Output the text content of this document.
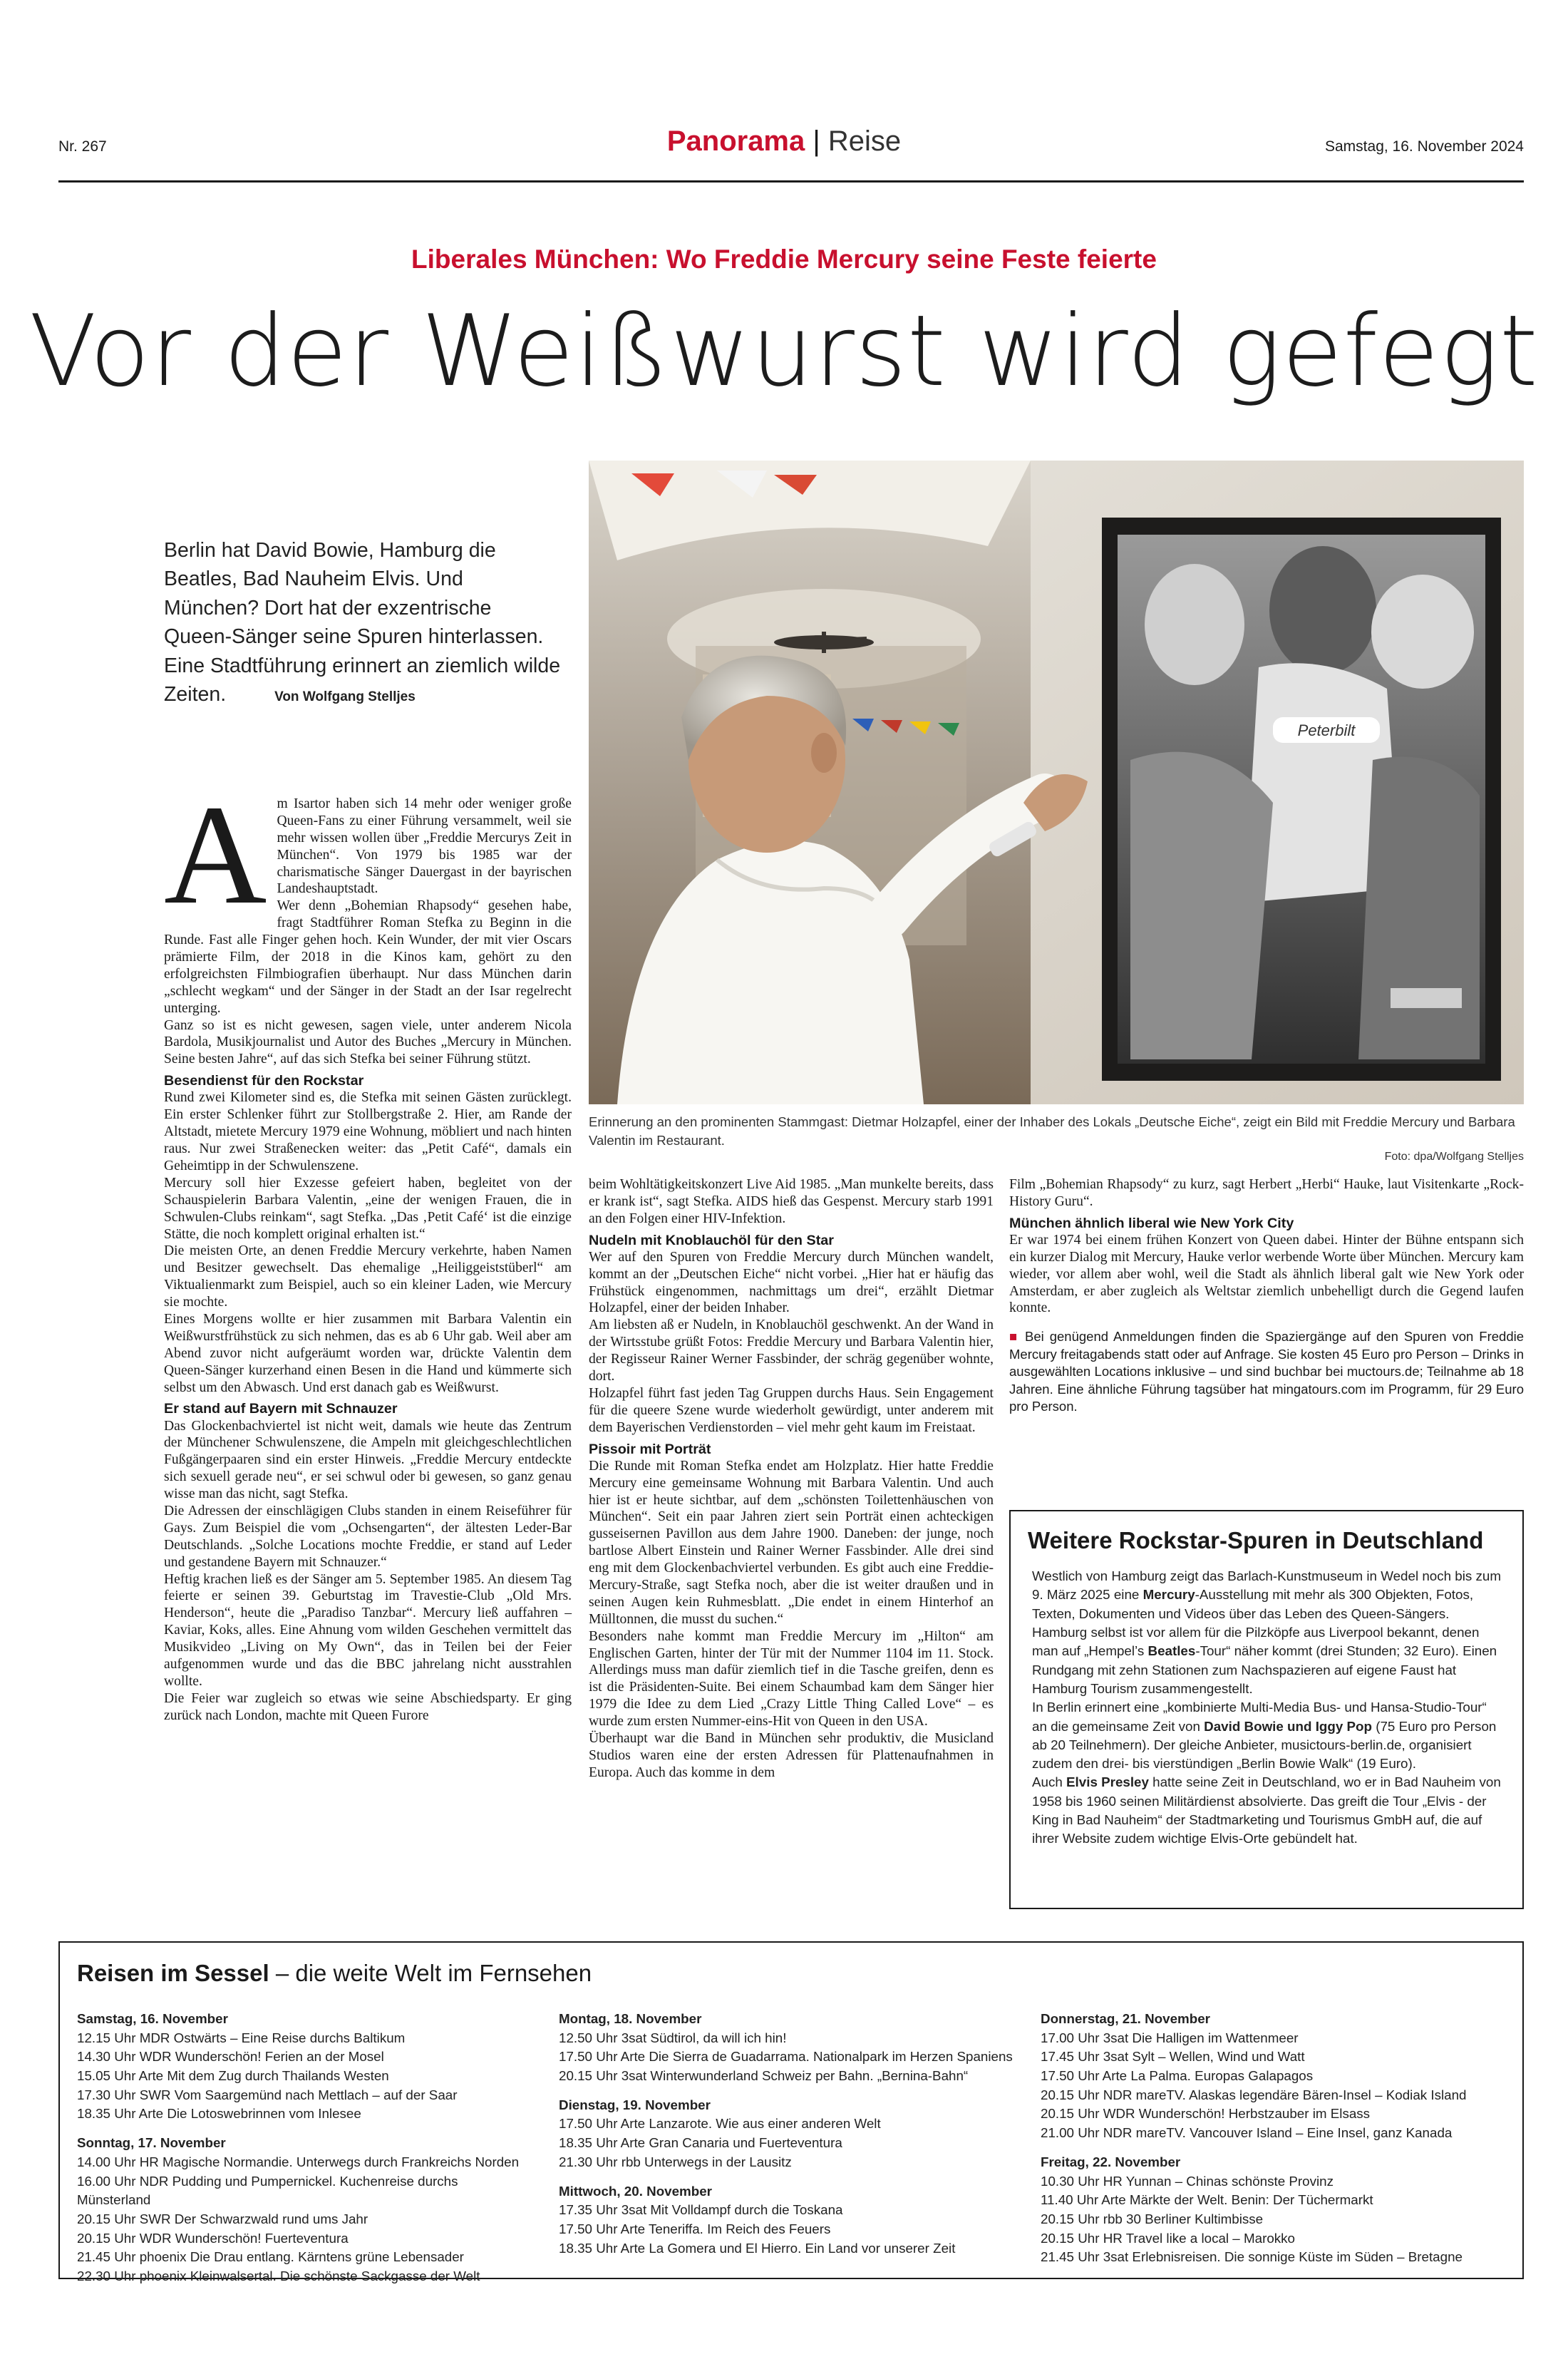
Nr. 267	Panorama | Reise	Samstag, 16. November 2024
Liberales München: Wo Freddie Mercury seine Feste feierte
Vor der Weißwurst wird gefegt
Berlin hat David Bowie, Hamburg die Beatles, Bad Nauheim Elvis. Und München? Dort hat der exzentrische Queen-Sänger seine Spuren hinterlassen. Eine Stadtführung erinnert an ziemlich wilde Zeiten.	Von Wolfgang Stelljes
Peterbilt
Erinnerung an den prominenten Stammgast: Dietmar Holzapfel, einer der Inhaber des Lokals „Deutsche Eiche“, zeigt ein Bild mit Freddie Mercury und Barbara Valentin im Restaurant.
Foto: dpa/Wolfgang Stelljes

Am Isartor haben sich 14 mehr oder weniger große Queen-Fans zu einer Führung versammelt, weil sie mehr wissen wollen über „Freddie Mercurys Zeit in München“. Von 1979 bis 1985 war der charismatische Sänger Dauergast in der bayrischen Landeshauptstadt.

Wer denn „Bohemian Rhapsody“ gesehen habe, fragt Stadtführer Roman Stefka zu Beginn in die Runde. Fast alle Finger gehen hoch. Kein Wunder, der mit vier Oscars prämierte Film, der 2018 in die Kinos kam, gehört zu den erfolgreichsten Filmbiografien überhaupt. Nur dass München darin „schlecht wegkam“ und der Sänger in der Stadt an der Isar regelrecht unterging.

Ganz so ist es nicht gewesen, sagen viele, unter anderem Nicola Bardola, Musikjournalist und Autor des Buches „Mercury in München. Seine besten Jahre“, auf das sich Stefka bei seiner Führung stützt.

Besendienst für den Rockstar

Rund zwei Kilometer sind es, die Stefka mit seinen Gästen zurücklegt. Ein erster Schlenker führt zur Stollbergstraße 2. Hier, am Rande der Altstadt, mietete Mercury 1979 eine Wohnung, möbliert und nach hinten raus. Nur zwei Straßenecken weiter: das „Petit Café“, damals ein Geheimtipp in der Schwulenszene.

Mercury soll hier Exzesse gefeiert haben, begleitet von der Schauspielerin Barbara Valentin, „eine der wenigen Frauen, die in Schwulen-Clubs reinkam“, sagt Stefka. „Das ‚Petit Café‘ ist die einzige Stätte, die noch komplett original erhalten ist.“

Die meisten Orte, an denen Freddie Mercury verkehrte, haben Namen und Besitzer gewechselt. Das ehemalige „Heiliggeiststüberl“ am Viktualienmarkt zum Beispiel, auch so ein kleiner Laden, wie Mercury sie mochte.

Eines Morgens wollte er hier zusammen mit Barbara Valentin ein Weißwurstfrühstück zu sich nehmen, das es ab 6 Uhr gab. Weil aber am Abend zuvor nicht aufgeräumt worden war, drückte Valentin dem Queen-Sänger kurzerhand einen Besen in die Hand und kümmerte sich selbst um den Abwasch. Und erst danach gab es Weißwurst.

Er stand auf Bayern mit Schnauzer

Das Glockenbachviertel ist nicht weit, damals wie heute das Zentrum der Münchener Schwulenszene, die Ampeln mit gleichgeschlechtlichen Fußgängerpaaren sind ein erster Hinweis. „Freddie Mercury entdeckte sich sexuell gerade neu“, er sei schwul oder bi gewesen, so ganz genau wisse man das nicht, sagt Stefka.

Die Adressen der einschlägigen Clubs standen in einem Reiseführer für Gays. Zum Beispiel die vom „Ochsengarten“, der ältesten Leder-Bar Deutschlands. „Solche Locations mochte Freddie, er stand auf Leder und gestandene Bayern mit Schnauzer.“

Heftig krachen ließ es der Sänger am 5. September 1985. An diesem Tag feierte er seinen 39. Geburtstag im Travestie-Club „Old Mrs. Henderson“, heute die „Paradiso Tanzbar“. Mercury ließ auffahren – Kaviar, Koks, alles. Eine Ahnung vom wilden Geschehen vermittelt das Musikvideo „Living on My Own“, das in Teilen bei der Feier aufgenommen wurde und das die BBC jahrelang nicht ausstrahlen wollte.

Die Feier war zugleich so etwas wie seine Abschiedsparty. Er ging zurück nach London, machte mit Queen Furore

beim Wohltätigkeitskonzert Live Aid 1985. „Man munkelte bereits, dass er krank ist“, sagt Stefka. AIDS hieß das Gespenst. Mercury starb 1991 an den Folgen einer HIV-Infektion.

Nudeln mit Knoblauchöl für den Star

Wer auf den Spuren von Freddie Mercury durch München wandelt, kommt an der „Deutschen Eiche“ nicht vorbei. „Hier hat er häufig das Frühstück eingenommen, nachmittags um drei“, erzählt Dietmar Holzapfel, einer der beiden Inhaber.

Am liebsten aß er Nudeln, in Knoblauchöl geschwenkt. An der Wand in der Wirtsstube grüßt Fotos: Freddie Mercury und Barbara Valentin hier, der Regisseur Rainer Werner Fassbinder, der schräg gegenüber wohnte, dort.

Holzapfel führt fast jeden Tag Gruppen durchs Haus. Sein Engagement für die queere Szene wurde wiederholt gewürdigt, unter anderem mit dem Bayerischen Verdienstorden – viel mehr geht kaum im Freistaat.

Pissoir mit Porträt

Die Runde mit Roman Stefka endet am Holzplatz. Hier hatte Freddie Mercury eine gemeinsame Wohnung mit Barbara Valentin. Und auch hier ist er heute sichtbar, auf dem „schönsten Toilettenhäuschen von München“. Seit ein paar Jahren ziert sein Porträt einen achteckigen gusseisernen Pavillon aus dem Jahre 1900. Daneben: der junge, noch bartlose Albert Einstein und Rainer Werner Fassbinder. Alle drei sind eng mit dem Glockenbachviertel verbunden. Es gibt auch eine Freddie-Mercury-Straße, sagt Stefka noch, aber die ist weiter draußen und in seinen Augen kein Ruhmesblatt. „Die endet in einem Hinterhof an Mülltonnen, die musst du suchen.“

Besonders nahe kommt man Freddie Mercury im „Hilton“ am Englischen Garten, hinter der Tür mit der Nummer 1104 im 11. Stock. Allerdings muss man dafür ziemlich tief in die Tasche greifen, denn es ist die Präsidenten-Suite. Bei einem Schaumbad kam dem Sänger hier 1979 die Idee zu dem Lied „Crazy Little Thing Called Love“ – es wurde zum ersten Nummer-eins-Hit von Queen in den USA.

Überhaupt war die Band in München sehr produktiv, die Musicland Studios waren eine der ersten Adressen für Plattenaufnahmen in Europa. Auch das komme in dem

Film „Bohemian Rhapsody“ zu kurz, sagt Herbert „Herbi“ Hauke, laut Visitenkarte „Rock-History Guru“.

München ähnlich liberal wie New York City

Er war 1974 bei einem frühen Konzert von Queen dabei. Hinter der Bühne entspann sich ein kurzer Dialog mit Mercury, Hauke verlor werbende Worte über München. Mercury kam wieder, vor allem aber wohl, weil die Stadt als ähnlich liberal galt wie New York oder Amsterdam, er aber zugleich als Weltstar ziemlich unbehelligt durch die Gegend laufen konnte.

■ Bei genügend Anmeldungen finden die Spaziergänge auf den Spuren von Freddie Mercury freitagabends statt oder auf Anfrage. Sie kosten 45 Euro pro Person – Drinks in ausgewählten Locations inklusive – und sind buchbar bei muctours.de; Teilnahme ab 18 Jahren. Eine ähnliche Führung tagsüber hat mingatours.com im Programm, für 29 Euro pro Person.

Weitere Rockstar-Spuren in Deutschland
Westlich von Hamburg zeigt das Barlach-Kunstmuseum in Wedel noch bis zum 9. März 2025 eine Mercury-Ausstellung mit mehr als 300 Objekten, Fotos, Texten, Dokumenten und Videos über das Leben des Queen-Sängers.
Hamburg selbst ist vor allem für die Pilzköpfe aus Liverpool bekannt, denen man auf „Hempel’s Beatles-Tour“ näher kommt (drei Stunden; 32 Euro). Einen Rundgang mit zehn Stationen zum Nachspazieren auf eigene Faust hat Hamburg Tourism zusammengestellt.
In Berlin erinnert eine „kombinierte Multi-Media Bus- und Hansa-Studio-Tour“ an die gemeinsame Zeit von David Bowie und Iggy Pop (75 Euro pro Person ab 20 Teilnehmern). Der gleiche Anbieter, musictours-berlin.de, organisiert zudem den drei- bis vierstündigen „Berlin Bowie Walk“ (19 Euro).
Auch Elvis Presley hatte seine Zeit in Deutschland, wo er in Bad Nauheim von 1958 bis 1960 seinen Militärdienst absolvierte. Das greift die Tour „Elvis - der King in Bad Nauheim“ der Stadtmarketing und Tourismus GmbH auf, die auf ihrer Website zudem wichtige Elvis-Orte gebündelt hat.
Reisen im Sessel – die weite Welt im Fernsehen
Samstag, 16. November
12.15 Uhr MDR Ostwärts – Eine Reise durchs Baltikum
14.30 Uhr WDR Wunderschön! Ferien an der Mosel
15.05 Uhr Arte Mit dem Zug durch Thailands Westen
17.30 Uhr SWR Vom Saargemünd nach Mettlach – auf der Saar
18.35 Uhr Arte Die Lotoswebrinnen vom Inlesee
Sonntag, 17. November
14.00 Uhr HR Magische Normandie. Unterwegs durch Frankreichs Norden
16.00 Uhr NDR Pudding und Pumpernickel. Kuchenreise durchs Münsterland
20.15 Uhr SWR Der Schwarzwald rund ums Jahr
20.15 Uhr WDR Wunderschön! Fuerteventura
21.45 Uhr phoenix Die Drau entlang. Kärntens grüne Lebensader
22.30 Uhr phoenix Kleinwalsertal. Die schönste Sackgasse der Welt
Montag, 18. November
12.50 Uhr 3sat Südtirol, da will ich hin!
17.50 Uhr Arte Die Sierra de Guadarrama. Nationalpark im Herzen Spaniens
20.15 Uhr 3sat Winterwunderland Schweiz per Bahn. „Bernina-Bahn“
Dienstag, 19. November
17.50 Uhr Arte Lanzarote. Wie aus einer anderen Welt
18.35 Uhr Arte Gran Canaria und Fuerteventura
21.30 Uhr rbb Unterwegs in der Lausitz
Mittwoch, 20. November
17.35 Uhr 3sat Mit Volldampf durch die Toskana
17.50 Uhr Arte Teneriffa. Im Reich des Feuers
18.35 Uhr Arte La Gomera und El Hierro. Ein Land vor unserer Zeit
Donnerstag, 21. November
17.00 Uhr 3sat Die Halligen im Wattenmeer
17.45 Uhr 3sat Sylt – Wellen, Wind und Watt
17.50 Uhr Arte La Palma. Europas Galapagos
20.15 Uhr NDR mareTV. Alaskas legendäre Bären-Insel – Kodiak Island
20.15 Uhr WDR Wunderschön! Herbstzauber im Elsass
21.00 Uhr NDR mareTV. Vancouver Island – Eine Insel, ganz Kanada
Freitag, 22. November
10.30 Uhr HR Yunnan – Chinas schönste Provinz
11.40 Uhr Arte Märkte der Welt. Benin: Der Tüchermarkt
20.15 Uhr rbb 30 Berliner Kultimbisse
20.15 Uhr HR Travel like a local – Marokko
21.45 Uhr 3sat Erlebnisreisen. Die sonnige Küste im Süden – Bretagne
